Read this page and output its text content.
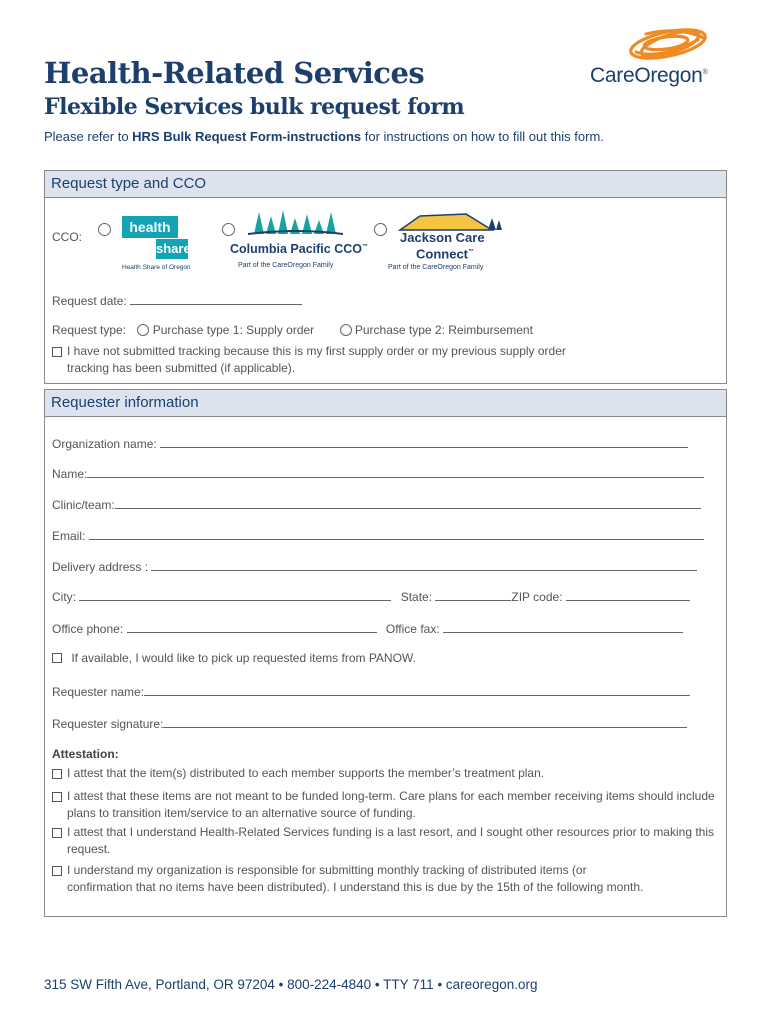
Health-Related Services
Flexible Services bulk request form
Please refer to HRS Bulk Request Form-instructions for instructions on how to fill out this form.
CareOregon®
Request type and CCO
CCO:
health
share
Health Share of Oregon
Columbia Pacific CCO™
Part of the CareOregon Family
Jackson Care
Connect™
Part of the CareOregon Family
Request date:
Request type: Purchase type 1: Supply order	Purchase type 2: Reimbursement
I have not submitted tracking because this is my first supply order or my previous supply order tracking has been submitted (if applicable).
Requester information
Organization name:
Name:
Clinic/team:
Email:
Delivery address :
City:	State:	ZIP code:
Office phone:	Office fax:
If available, I would like to pick up requested items from PANOW.
Requester name:
Requester signature:
Attestation:
I attest that the item(s) distributed to each member supports the member’s treatment plan.
I attest that these items are not meant to be funded long-term. Care plans for each member receiving items should include plans to transition item/service to an alternative source of funding.
I attest that I understand Health-Related Services funding is a last resort, and I sought other resources prior to making this request.
I understand my organization is responsible for submitting monthly tracking of distributed items (or confirmation that no items have been distributed). I understand this is due by the 15th of the following month.
315 SW Fifth Ave, Portland, OR 97204 • 800-224-4840 • TTY 711 • careoregon.org
